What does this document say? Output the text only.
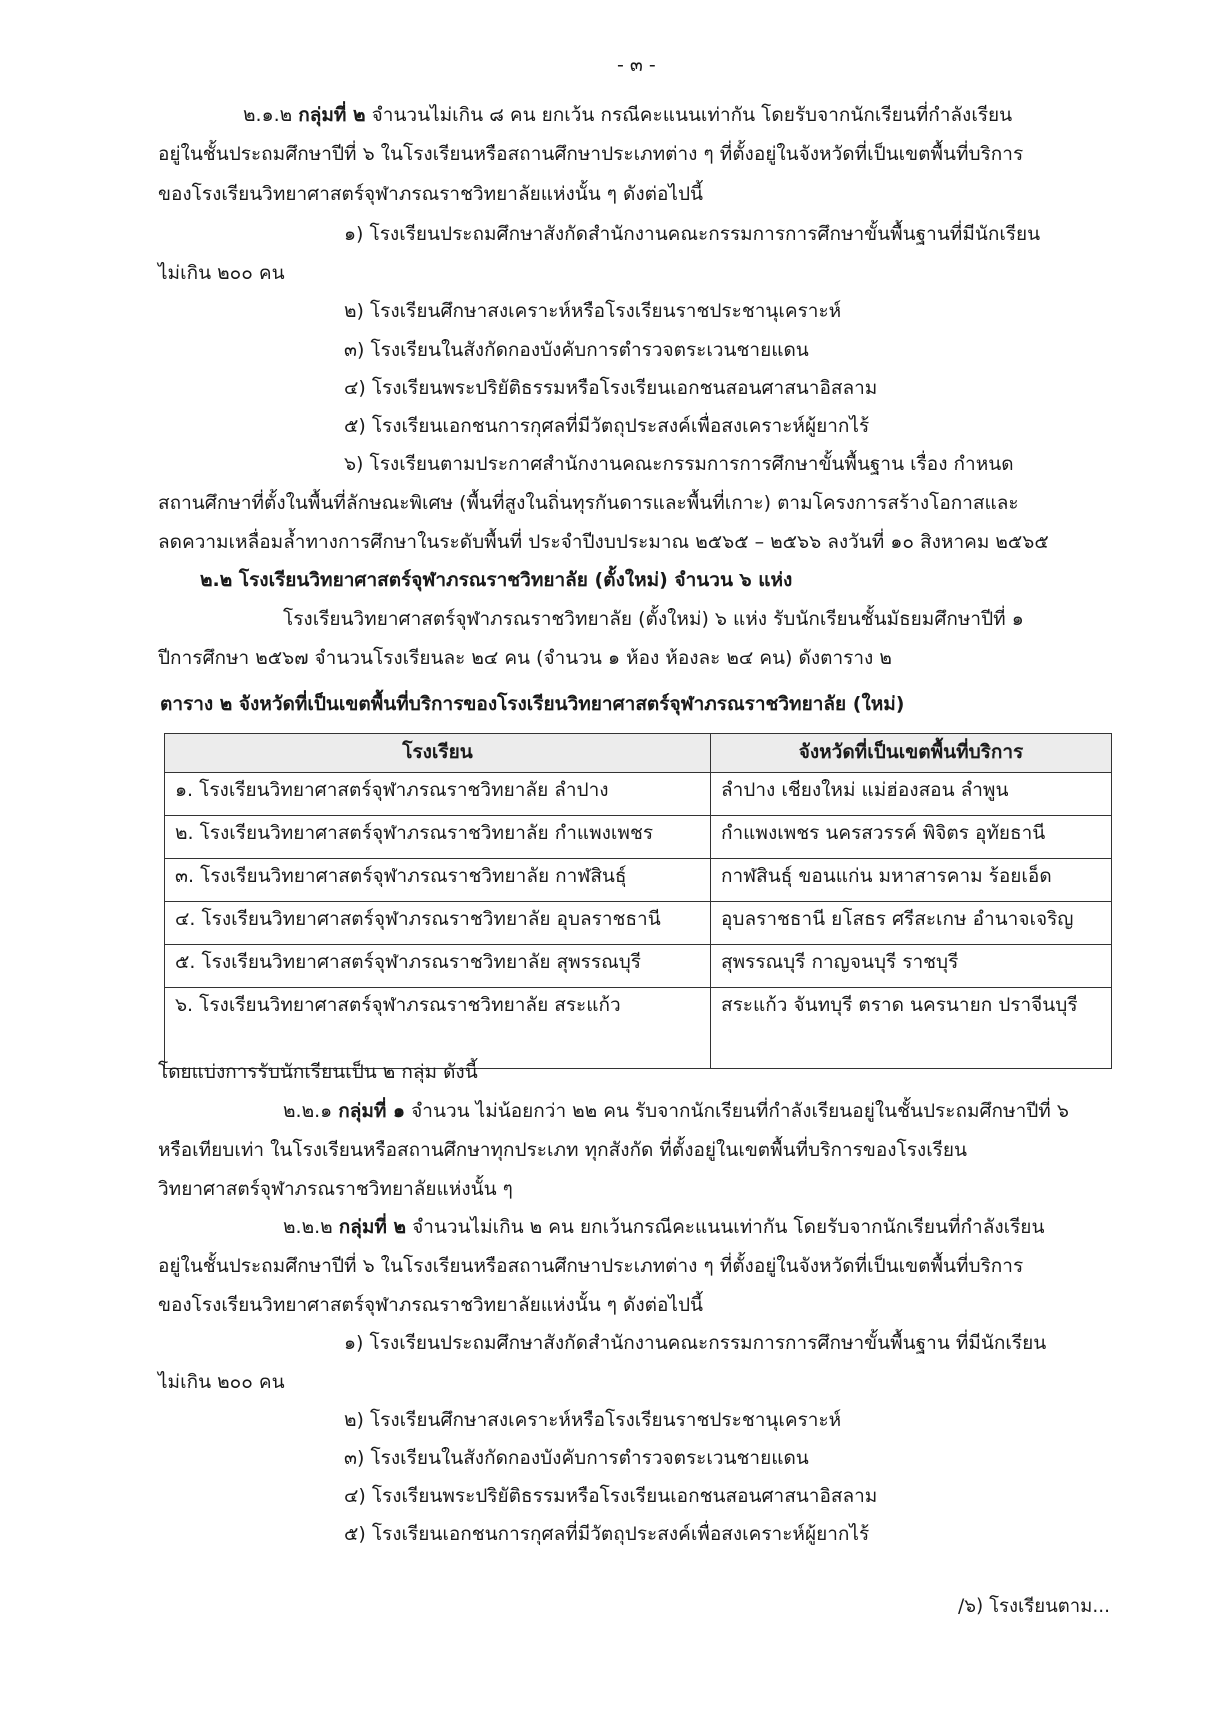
- ๓ -
๒.๑.๒ กลุ่มที่ ๒ จำนวนไม่เกิน ๘ คน ยกเว้น กรณีคะแนนเท่ากัน โดยรับจากนักเรียนที่กำลังเรียน
อยู่ในชั้นประถมศึกษาปีที่ ๖ ในโรงเรียนหรือสถานศึกษาประเภทต่าง ๆ ที่ตั้งอยู่ในจังหวัดที่เป็นเขตพื้นที่บริการ
ของโรงเรียนวิทยาศาสตร์จุฬาภรณราชวิทยาลัยแห่งนั้น ๆ ดังต่อไปนี้
๑) โรงเรียนประถมศึกษาสังกัดสำนักงานคณะกรรมการการศึกษาขั้นพื้นฐานที่มีนักเรียน
ไม่เกิน ๒๐๐ คน
๒) โรงเรียนศึกษาสงเคราะห์หรือโรงเรียนราชประชานุเคราะห์
๓) โรงเรียนในสังกัดกองบังคับการตำรวจตระเวนชายแดน
๔) โรงเรียนพระปริยัติธรรมหรือโรงเรียนเอกชนสอนศาสนาอิสลาม
๕) โรงเรียนเอกชนการกุศลที่มีวัตถุประสงค์เพื่อสงเคราะห์ผู้ยากไร้
๖) โรงเรียนตามประกาศสำนักงานคณะกรรมการการศึกษาขั้นพื้นฐาน เรื่อง กำหนด
สถานศึกษาที่ตั้งในพื้นที่ลักษณะพิเศษ (พื้นที่สูงในถิ่นทุรกันดารและพื้นที่เกาะ) ตามโครงการสร้างโอกาสและ
ลดความเหลื่อมล้ำทางการศึกษาในระดับพื้นที่ ประจำปีงบประมาณ ๒๕๖๕ – ๒๕๖๖ ลงวันที่ ๑๐ สิงหาคม ๒๕๖๕
๒.๒ โรงเรียนวิทยาศาสตร์จุฬาภรณราชวิทยาลัย (ตั้งใหม่) จำนวน ๖ แห่ง
โรงเรียนวิทยาศาสตร์จุฬาภรณราชวิทยาลัย (ตั้งใหม่) ๖ แห่ง รับนักเรียนชั้นมัธยมศึกษาปีที่ ๑
ปีการศึกษา ๒๕๖๗ จำนวนโรงเรียนละ ๒๔ คน (จำนวน ๑ ห้อง ห้องละ ๒๔ คน) ดังตาราง ๒
ตาราง ๒ จังหวัดที่เป็นเขตพื้นที่บริการของโรงเรียนวิทยาศาสตร์จุฬาภรณราชวิทยาลัย (ใหม่)
โรงเรียน	จังหวัดที่เป็นเขตพื้นที่บริการ
๑. โรงเรียนวิทยาศาสตร์จุฬาภรณราชวิทยาลัย ลำปาง	ลำปาง เชียงใหม่ แม่ฮ่องสอน ลำพูน
๒. โรงเรียนวิทยาศาสตร์จุฬาภรณราชวิทยาลัย กำแพงเพชร	กำแพงเพชร นครสวรรค์ พิจิตร อุทัยธานี
๓. โรงเรียนวิทยาศาสตร์จุฬาภรณราชวิทยาลัย กาฬสินธุ์	กาฬสินธุ์ ขอนแก่น มหาสารคาม ร้อยเอ็ด
๔. โรงเรียนวิทยาศาสตร์จุฬาภรณราชวิทยาลัย อุบลราชธานี	อุบลราชธานี ยโสธร ศรีสะเกษ อำนาจเจริญ
๕. โรงเรียนวิทยาศาสตร์จุฬาภรณราชวิทยาลัย สุพรรณบุรี	สุพรรณบุรี กาญจนบุรี ราชบุรี
๖. โรงเรียนวิทยาศาสตร์จุฬาภรณราชวิทยาลัย สระแก้ว	สระแก้ว จันทบุรี ตราด นครนายก ปราจีนบุรี
โดยแบ่งการรับนักเรียนเป็น ๒ กลุ่ม ดังนี้
๒.๒.๑ กลุ่มที่ ๑ จำนวน ไม่น้อยกว่า ๒๒ คน รับจากนักเรียนที่กำลังเรียนอยู่ในชั้นประถมศึกษาปีที่ ๖
หรือเทียบเท่า ในโรงเรียนหรือสถานศึกษาทุกประเภท ทุกสังกัด ที่ตั้งอยู่ในเขตพื้นที่บริการของโรงเรียน
วิทยาศาสตร์จุฬาภรณราชวิทยาลัยแห่งนั้น ๆ
๒.๒.๒ กลุ่มที่ ๒ จำนวนไม่เกิน ๒ คน ยกเว้นกรณีคะแนนเท่ากัน โดยรับจากนักเรียนที่กำลังเรียน
อยู่ในชั้นประถมศึกษาปีที่ ๖ ในโรงเรียนหรือสถานศึกษาประเภทต่าง ๆ ที่ตั้งอยู่ในจังหวัดที่เป็นเขตพื้นที่บริการ
ของโรงเรียนวิทยาศาสตร์จุฬาภรณราชวิทยาลัยแห่งนั้น ๆ ดังต่อไปนี้
๑) โรงเรียนประถมศึกษาสังกัดสำนักงานคณะกรรมการการศึกษาขั้นพื้นฐาน ที่มีนักเรียน
ไม่เกิน ๒๐๐ คน
๒) โรงเรียนศึกษาสงเคราะห์หรือโรงเรียนราชประชานุเคราะห์
๓) โรงเรียนในสังกัดกองบังคับการตำรวจตระเวนชายแดน
๔) โรงเรียนพระปริยัติธรรมหรือโรงเรียนเอกชนสอนศาสนาอิสลาม
๕) โรงเรียนเอกชนการกุศลที่มีวัตถุประสงค์เพื่อสงเคราะห์ผู้ยากไร้
/๖) โรงเรียนตาม...
